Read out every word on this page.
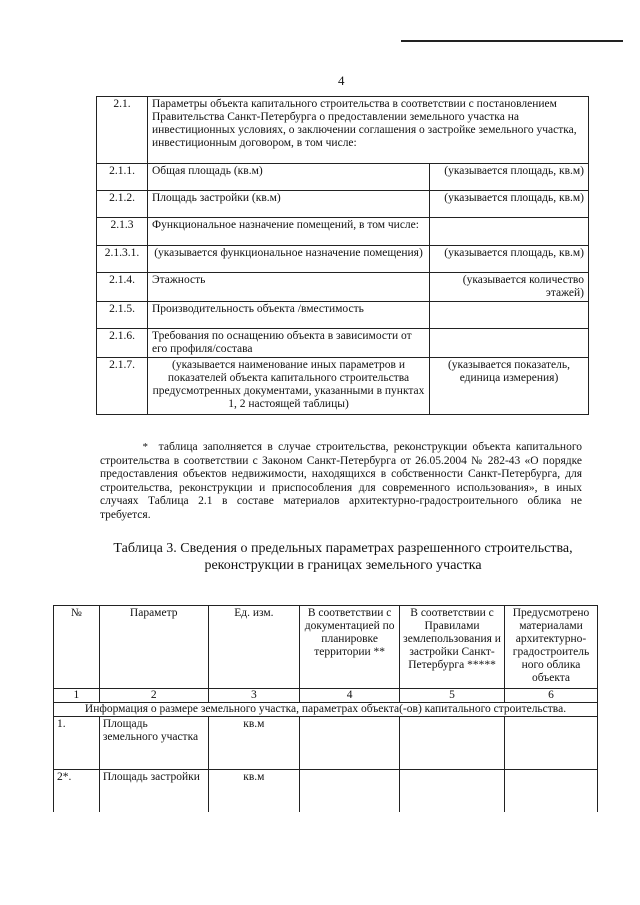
4
2.1.	Параметры объекта капитального строительства в соответствии с постановлением Правительства Санкт-Петербурга о предоставлении земельного участка на инвестиционных условиях, о заключении соглашения о застройке земельного участка, инвестиционным договором, в том числе:	
2.1.1.	Общая площадь (кв.м)	(указывается площадь, кв.м)
2.1.2.	Площадь застройки (кв.м)	(указывается площадь, кв.м)
2.1.3	Функциональное назначение помещений, в том числе:	
2.1.3.1.	(указывается функциональное назначение помещения)	(указывается площадь, кв.м)
2.1.4.	Этажность	(указывается количество этажей)
2.1.5.	Производительность объекта /вместимость	
2.1.6.	Требования по оснащению объекта в зависимости от его профиля/состава	
2.1.7.	(указывается наименование иных параметров и показателей объекта капитального строительства предусмотренных документами, указанными в пунктах 1, 2 настоящей таблицы)	(указывается показатель, единица измерения)
* таблица заполняется в случае строительства, реконструкции объекта капитального строительства в соответствии с Законом Санкт-Петербурга от 26.05.2004 № 282-43 «О порядке предоставления объектов недвижимости, находящихся в собственности Санкт-Петербурга, для строительства, реконструкции и приспособления для современного использования», в иных случаях Таблица 2.1 в составе материалов архитектурно-градостроительного облика не требуется.
Таблица 3. Сведения о предельных параметрах разрешенного строительства,
реконструкции в границах земельного участка
№	Параметр	Ед. изм.	В соответствии с документацией по планировке территории **	В соответствии с Правилами землепользования и застройки Санкт-Петербурга *****	Предусмотрено материалами архитектурно-градостроитель ного облика объекта
1	2	3	4	5	6
Информация о размере земельного участка, параметрах объекта(-ов) капитального строительства.					
1.	Площадь земельного участка	кв.м			
2*.	Площадь застройки	кв.м			
